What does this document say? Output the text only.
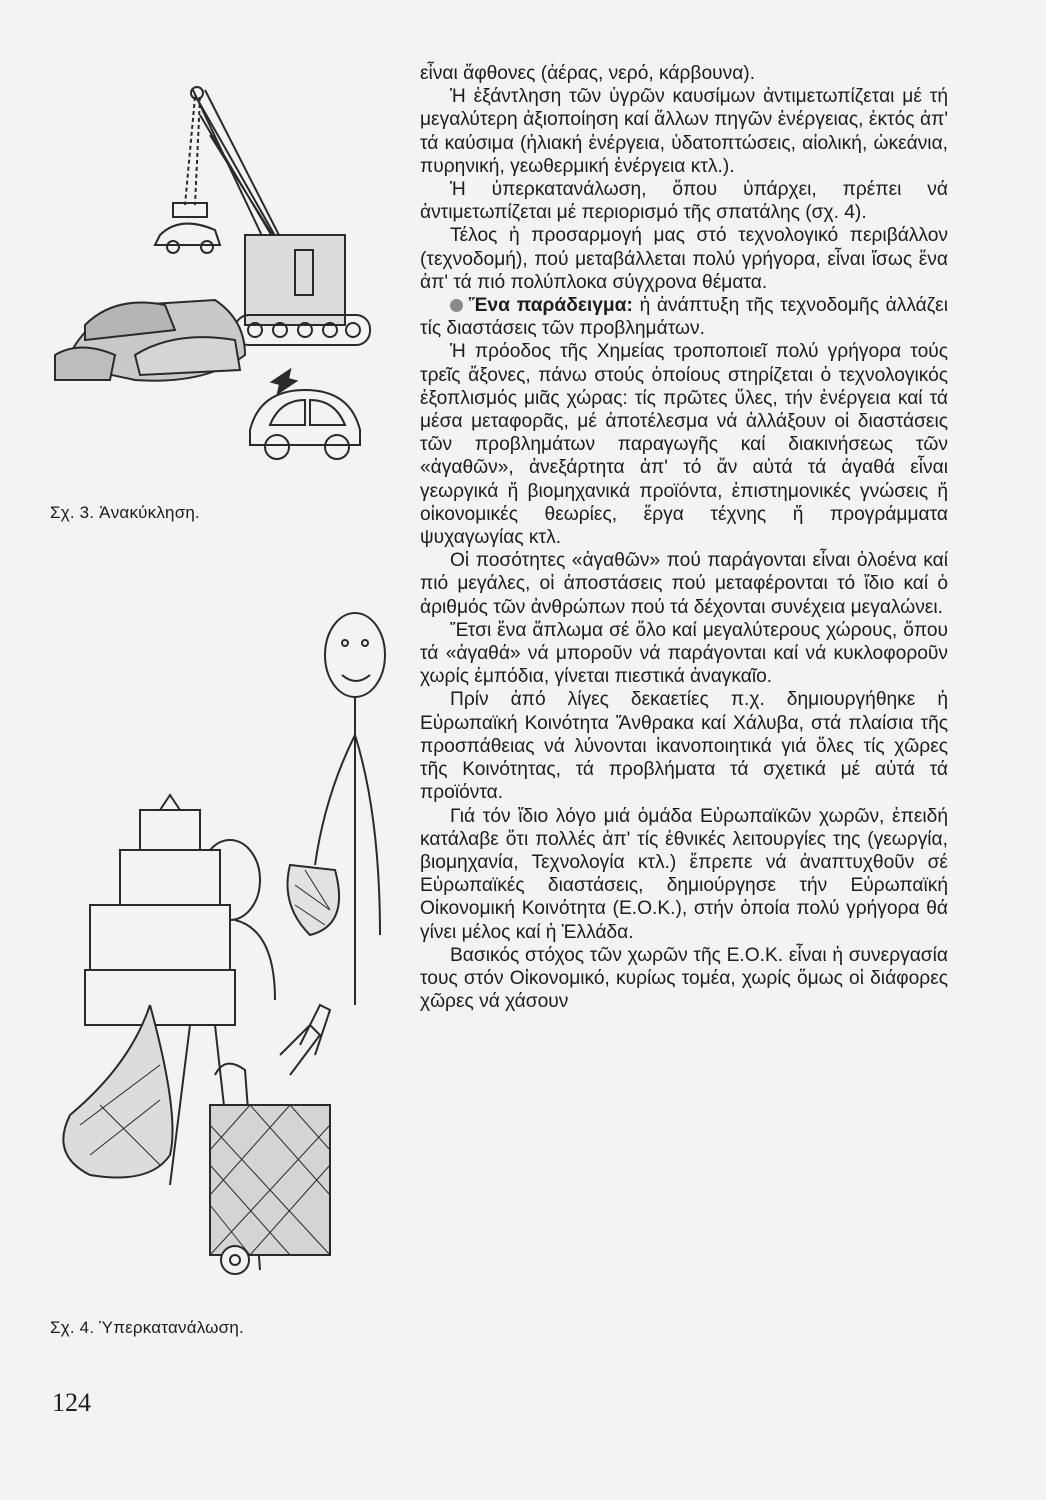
Σχ. 3. Ἀνακύκληση.
Σχ. 4. Ὑπερκατανάλωση.

εἶναι ἄφθονες (ἀέρας, νερό, κάρβουνα).

Ἡ ἐξάντληση τῶν ὑγρῶν καυσίμων ἀντιμετωπίζεται μέ τή μεγαλύτερη ἀξιοποίηση καί ἄλλων πηγῶν ἐνέργειας, ἐκτός ἀπ' τά καύσιμα (ἡλιακή ἐνέργεια, ὑδατοπτώσεις, αἰολική, ὠκεάνια, πυρηνική, γεωθερμική ἐνέργεια κτλ.).

Ἡ ὑπερκατανάλωση, ὅπου ὑπάρχει, πρέπει νά ἀντιμετωπίζεται μέ περιορισμό τῆς σπατάλης (σχ. 4).

Τέλος ἡ προσαρμογή μας στό τεχνολογικό περιβάλλον (τεχνοδομή), πού μεταβάλλεται πολύ γρήγορα, εἶναι ἴσως ἕνα ἀπ' τά πιό πολύπλοκα σύγχρονα θέματα.

Ἕνα παράδειγμα: ἡ ἀνάπτυξη τῆς τεχνοδομῆς ἀλλάζει τίς διαστάσεις τῶν προβλημάτων.

Ἡ πρόοδος τῆς Χημείας τροποποιεῖ πολύ γρήγορα τούς τρεῖς ἄξονες, πάνω στούς ὁποίους στηρίζεται ὁ τεχνολογικός ἐξοπλισμός μιᾶς χώρας: τίς πρῶτες ὕλες, τήν ἐνέργεια καί τά μέσα μεταφορᾶς, μέ ἀποτέλεσμα νά ἀλλάξουν οἱ διαστάσεις τῶν προβλημάτων παραγωγῆς καί διακινήσεως τῶν «ἀγαθῶν», ἀνεξάρτητα ἀπ' τό ἄν αὐτά τά ἀγαθά εἶναι γεωργικά ἤ βιομηχανικά προϊόντα, ἐπιστημονικές γνώσεις ἤ οἰκονομικές θεωρίες, ἔργα τέχνης ἤ προγράμματα ψυχαγωγίας κτλ.

Οἱ ποσότητες «ἀγαθῶν» πού παράγονται εἶναι ὁλοένα καί πιό μεγάλες, οἱ ἀποστάσεις πού μεταφέρονται τό ἴδιο καί ὁ ἀριθμός τῶν ἀνθρώπων πού τά δέχονται συνέχεια μεγαλώνει.

Ἔτσι ἕνα ἅπλωμα σέ ὅλο καί μεγαλύτερους χώρους, ὅπου τά «ἀγαθά» νά μποροῦν νά παράγονται καί νά κυκλοφοροῦν χωρίς ἐμπόδια, γίνεται πιεστικά ἀναγκαῖο.

Πρίν ἀπό λίγες δεκαετίες π.χ. δημιουργήθηκε ἡ Εὐρωπαϊκή Κοινότητα Ἄνθρακα καί Χάλυβα, στά πλαίσια τῆς προσπάθειας νά λύνονται ἱκανοποιητικά γιά ὅλες τίς χῶρες τῆς Κοινότητας, τά προβλήματα τά σχετικά μέ αὐτά τά προϊόντα.

Γιά τόν ἴδιο λόγο μιά ὁμάδα Εὐρωπαϊκῶν χωρῶν, ἐπειδή κατάλαβε ὅτι πολλές ἀπ' τίς ἐθνικές λειτουργίες της (γεωργία, βιομηχανία, Τεχνολογία κτλ.) ἔπρεπε νά ἀναπτυχθοῦν σέ Εὐρωπαϊκές διαστάσεις, δημιούργησε τήν Εὐρωπαϊκή Οἰκονομική Κοινότητα (Ε.Ο.Κ.), στήν ὁποία πολύ γρήγορα θά γίνει μέλος καί ἡ Ἑλλάδα.

Βασικός στόχος τῶν χωρῶν τῆς Ε.Ο.Κ. εἶναι ἡ συνεργασία τους στόν Οἰκονομικό, κυρίως τομέα, χωρίς ὅμως οἱ διάφορες χῶρες νά χάσουν

124
